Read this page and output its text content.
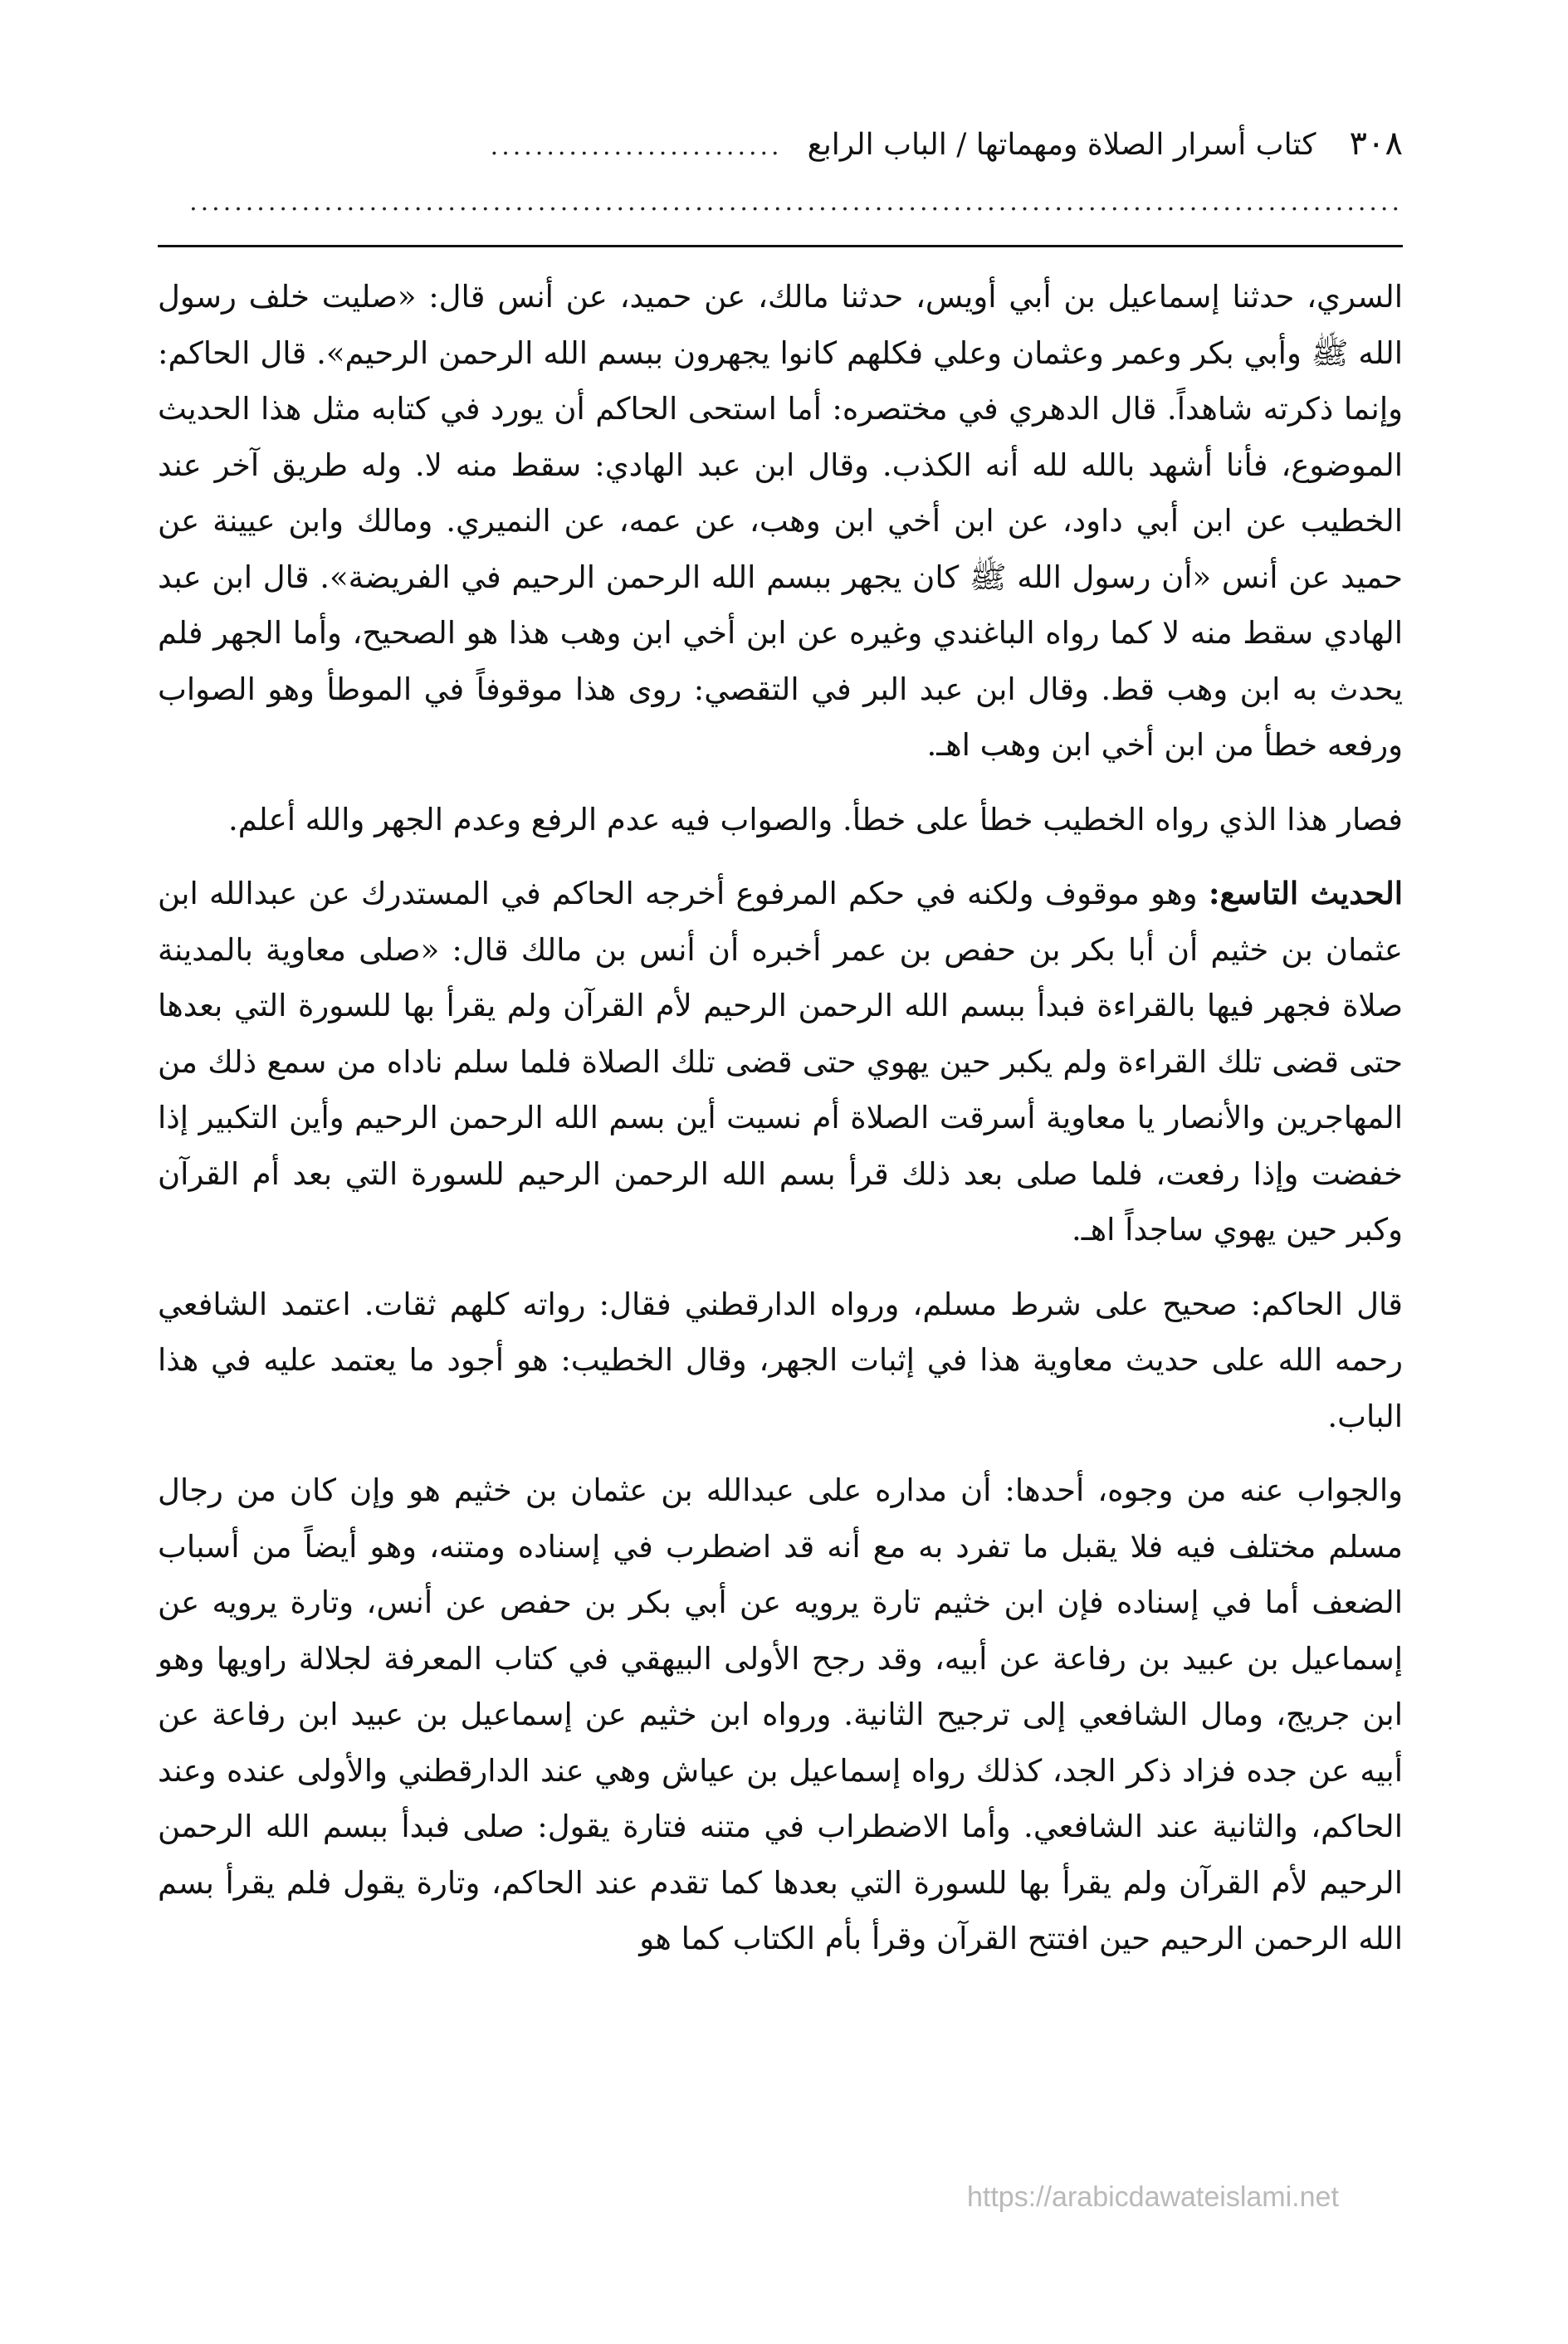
٣٠٨
كتاب أسرار الصلاة ومهماتها / الباب الرابع
..........................
............................................................................................................

السري، حدثنا إسماعيل بن أبي أويس، حدثنا مالك، عن حميد، عن أنس قال: «صليت خلف رسول الله ﷺ وأبي بكر وعمر وعثمان وعلي فكلهم كانوا يجهرون ببسم الله الرحمن الرحيم». قال الحاكم: وإنما ذكرته شاهداً. قال الدهري في مختصره: أما استحى الحاكم أن يورد في كتابه مثل هذا الحديث الموضوع، فأنا أشهد بالله لله أنه الكذب. وقال ابن عبد الهادي: سقط منه لا. وله طريق آخر عند الخطيب عن ابن أبي داود، عن ابن أخي ابن وهب، عن عمه، عن النميري. ومالك وابن عيينة عن حميد عن أنس «أن رسول الله ﷺ كان يجهر ببسم الله الرحمن الرحيم في الفريضة». قال ابن عبد الهادي سقط منه لا كما رواه الباغندي وغيره عن ابن أخي ابن وهب هذا هو الصحيح، وأما الجهر فلم يحدث به ابن وهب قط. وقال ابن عبد البر في التقصي: روى هذا موقوفاً في الموطأ وهو الصواب ورفعه خطأ من ابن أخي ابن وهب اهـ.

فصار هذا الذي رواه الخطيب خطأ على خطأ. والصواب فيه عدم الرفع وعدم الجهر والله أعلم.

الحديث التاسع: وهو موقوف ولكنه في حكم المرفوع أخرجه الحاكم في المستدرك عن عبدالله ابن عثمان بن خثيم أن أبا بكر بن حفص بن عمر أخبره أن أنس بن مالك قال: «صلى معاوية بالمدينة صلاة فجهر فيها بالقراءة فبدأ ببسم الله الرحمن الرحيم لأم القرآن ولم يقرأ بها للسورة التي بعدها حتى قضى تلك القراءة ولم يكبر حين يهوي حتى قضى تلك الصلاة فلما سلم ناداه من سمع ذلك من المهاجرين والأنصار يا معاوية أسرقت الصلاة أم نسيت أين بسم الله الرحمن الرحيم وأين التكبير إذا خفضت وإذا رفعت، فلما صلى بعد ذلك قرأ بسم الله الرحمن الرحيم للسورة التي بعد أم القرآن وكبر حين يهوي ساجداً اهـ.

قال الحاكم: صحيح على شرط مسلم، ورواه الدارقطني فقال: رواته كلهم ثقات. اعتمد الشافعي رحمه الله على حديث معاوية هذا في إثبات الجهر، وقال الخطيب: هو أجود ما يعتمد عليه في هذا الباب.

والجواب عنه من وجوه، أحدها: أن مداره على عبدالله بن عثمان بن خثيم هو وإن كان من رجال مسلم مختلف فيه فلا يقبل ما تفرد به مع أنه قد اضطرب في إسناده ومتنه، وهو أيضاً من أسباب الضعف أما في إسناده فإن ابن خثيم تارة يرويه عن أبي بكر بن حفص عن أنس، وتارة يرويه عن إسماعيل بن عبيد بن رفاعة عن أبيه، وقد رجح الأولى البيهقي في كتاب المعرفة لجلالة راويها وهو ابن جريج، ومال الشافعي إلى ترجيح الثانية. ورواه ابن خثيم عن إسماعيل بن عبيد ابن رفاعة عن أبيه عن جده فزاد ذكر الجد، كذلك رواه إسماعيل بن عياش وهي عند الدارقطني والأولى عنده وعند الحاكم، والثانية عند الشافعي. وأما الاضطراب في متنه فتارة يقول: صلى فبدأ ببسم الله الرحمن الرحيم لأم القرآن ولم يقرأ بها للسورة التي بعدها كما تقدم عند الحاكم، وتارة يقول فلم يقرأ بسم الله الرحمن الرحيم حين افتتح القرآن وقرأ بأم الكتاب كما هو

https://arabicdawateislami.net
